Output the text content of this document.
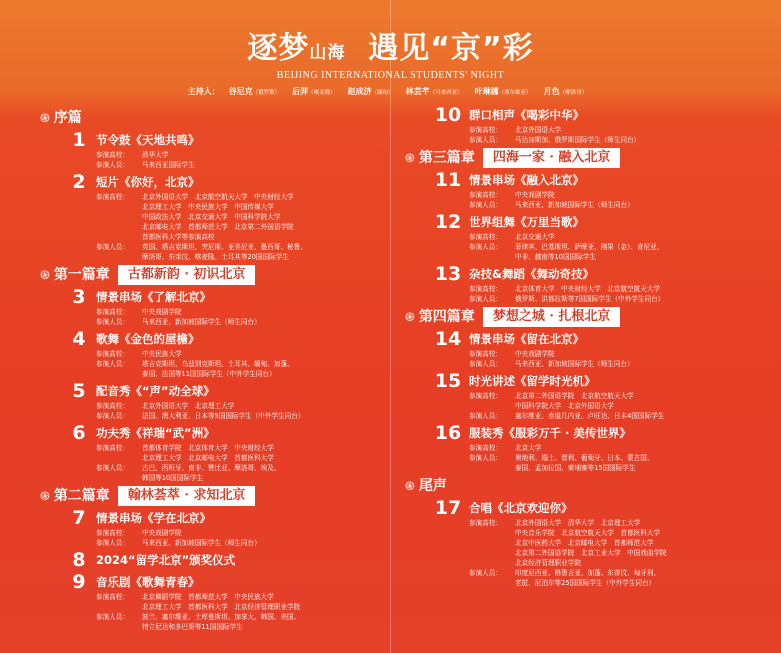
逐梦山海 遇见“京”彩
BEIJING INTERNATIONAL STUDENTS' NIGHT
主持人： 谷尼克（俄罗斯） 后羿（喀麦隆） 赵成济（缅甸） 林芸芊（马来西亚） 叶琳娜（塞尔维亚） 月色（摩洛哥）
֍ 序篇
1 节令鼓《天地共鸣》
参演高校：	清华大学
参演人员：	马来西亚国际学生
2 短片《你好，北京》
参演高校：	北京外国语大学　北京航空航天大学　中央财经大学
北京理工大学　中央民族大学　中国传媒大学
中国政法大学　北京交通大学　中国科学院大学
北京邮电大学　首都师范大学　北京第二外国语学院
首都医科大学等参演高校
参演人员：	英国、塔吉克斯坦、突尼斯、亚美尼亚、墨西哥、秘鲁、
摩洛哥、东帝汶、喀麦隆、土耳其等20国国际学生
֍ 第一篇章	古都新韵 · 初识北京
3 情景串场《了解北京》
参演高校：	中央戏剧学院
参演人员：	马来西亚、新加坡国际学生（师生同台）
4 歌舞《金色的屋檐》
参演高校：	中央民族大学
参演人员：	塔吉克斯坦、乌兹别克斯坦、土耳其、缅甸、加蓬、
泰国、法国等11国国际学生（中外学生同台）
5 配音秀《“声”动全球》
参演高校：	北京外国语大学　北京理工大学
参演人员：	法国、澳大利亚、日本等5国国际学生（中外学生同台）
6 功夫秀《祥瑞“武”洲》
参演高校：	首都体育学院　北京体育大学　中央财经大学
北京理工大学　北京邮电大学　首都医科大学
参演人员：	古巴、西班牙、南非、赞比亚、摩洛哥、埃及、
韩国等10国国际学生
֍ 第二篇章	翰林荟萃 · 求知北京
7 情景串场《学在北京》
参演高校：	中央戏剧学院
参演人员：	马来西亚、新加坡国际学生（师生同台）
8 2024“留学北京”颁奖仪式
9 音乐剧《歌舞青春》
参演高校：	北京舞蹈学院　首都师范大学　中央民族大学
北京理工大学　首都医科大学　北京经济管理职业学院
参演人员：	波兰、塞尔维亚、土库曼斯坦、加拿大、韩国、美国、
特立尼达和多巴哥等11国国际学生
10 群口相声《喝彩中华》
参演高校：	北京外国语大学
参演人员：	马达加斯加、俄罗斯国际学生（师生同台）
֍ 第三篇章	四海一家 · 融入北京
11 情景串场《融入北京》
参演高校：	中央戏剧学院
参演人员：	马来西亚、新加坡国际学生（师生同台）
12 世界组舞《万里当歌》
参演高校：	北京交通大学
参演人员：	菲律宾、巴基斯坦、萨摩亚、刚果（金）、肯尼亚、
中非、越南等10国国际学生
13 杂技&舞蹈《舞动奇技》
参演高校：	北京体育大学　中央财经大学　北京航空航天大学
参演人员：	俄罗斯、洪都拉斯等7国国际学生（中外学生同台）
֍ 第四篇章	梦想之城 · 扎根北京
14 情景串场《留在北京》
参演高校：	中央戏剧学院
参演人员：	马来西亚、新加坡国际学生（师生同台）
15 时光讲述《留学时光机》
参演高校：	北京第二外国语学院　北京航空航天大学
中国科学院大学　北京外国语大学
参演人员：	塞尔维亚、赤道几内亚、卢旺达、日本4国国际学生
16 服装秀《服彩万千 · 美传世界》
参演高校：	北京大学
参演人员：	奥地利、瑞士、智利、葡萄牙、日本、蒙古国、
泰国、孟加拉国、柬埔寨等15国国际学生
֍ 尾声
17 合唱《北京欢迎你》
参演高校：	北京外国语大学　清华大学　北京理工大学
中央音乐学院　北京航空航天大学　首都医科大学
北京中医药大学　北京邮电大学　首都师范大学
北京第二外国语学院　北京工业大学　中国戏曲学院
北京经济管理职业学院
参演人员：	印度尼西亚、格鲁吉亚、加蓬、东帝汶、匈牙利、
老挝、尼泊尔等25国国际学生（中外学生同台）
